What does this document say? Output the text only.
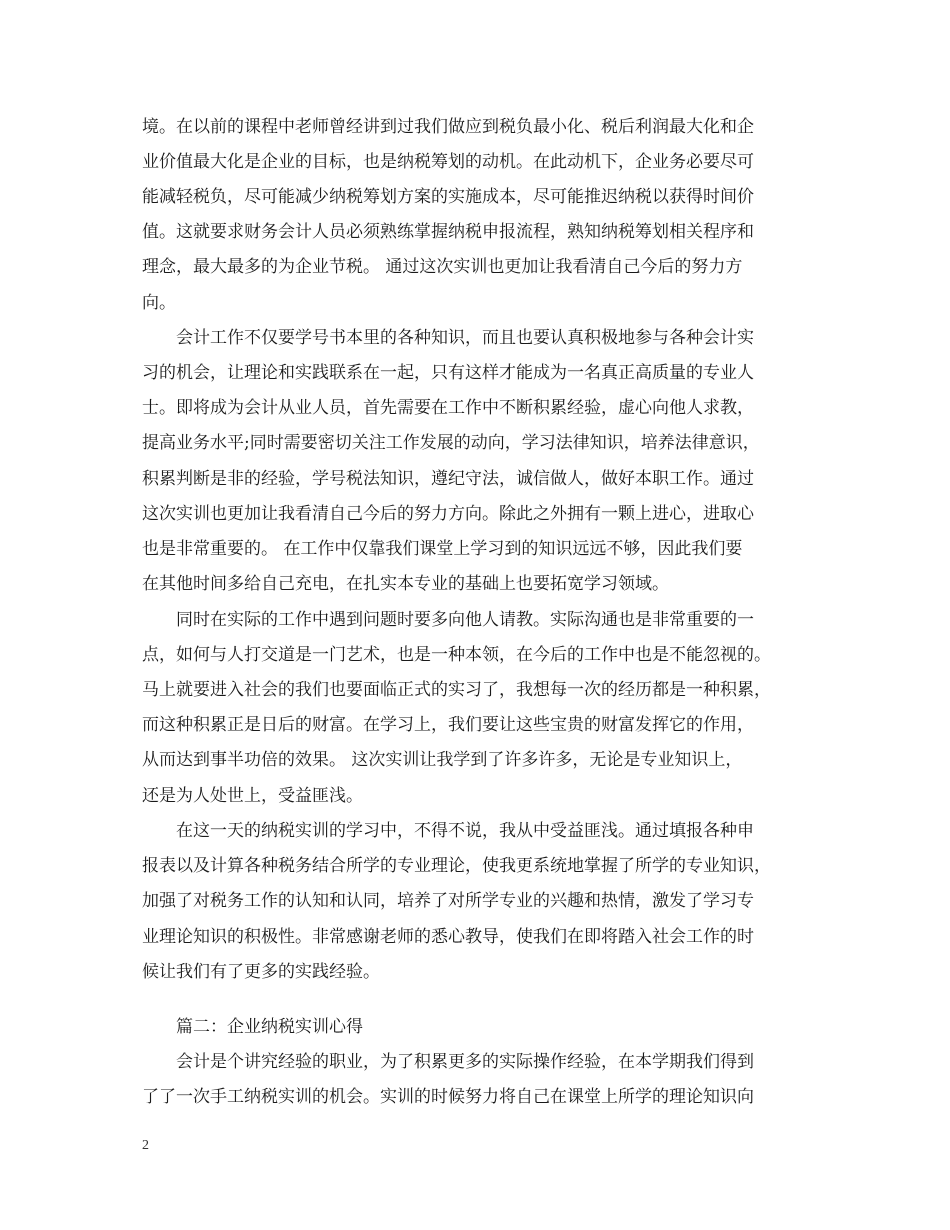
境。在以前的课程中老师曾经讲到过我们做应到税负最小化、税后利润最大化和企
业价值最大化是企业的目标，也是纳税筹划的动机。在此动机下，企业务必要尽可
能减轻税负，尽可能减少纳税筹划方案的实施成本，尽可能推迟纳税以获得时间价
值。这就要求财务会计人员必须熟练掌握纳税申报流程，熟知纳税筹划相关程序和
理念，最大最多的为企业节税。 通过这次实训也更加让我看清自己今后的努力方
向。
会计工作不仅要学号书本里的各种知识，而且也要认真积极地参与各种会计实
习的机会，让理论和实践联系在一起，只有这样才能成为一名真正高质量的专业人
士。即将成为会计从业人员，首先需要在工作中不断积累经验，虚心向他人求教，
提高业务水平;同时需要密切关注工作发展的动向，学习法律知识，培养法律意识，
积累判断是非的经验，学号税法知识，遵纪守法，诚信做人，做好本职工作。通过
这次实训也更加让我看清自己今后的努力方向。除此之外拥有一颗上进心，进取心
也是非常重要的。 在工作中仅靠我们课堂上学习到的知识远远不够，因此我们要
在其他时间多给自己充电，在扎实本专业的基础上也要拓宽学习领域。
同时在实际的工作中遇到问题时要多向他人请教。实际沟通也是非常重要的一
点，如何与人打交道是一门艺术，也是一种本领，在今后的工作中也是不能忽视的。
马上就要进入社会的我们也要面临正式的实习了，我想每一次的经历都是一种积累，
而这种积累正是日后的财富。在学习上，我们要让这些宝贵的财富发挥它的作用，
从而达到事半功倍的效果。 这次实训让我学到了许多许多，无论是专业知识上，
还是为人处世上，受益匪浅。
在这一天的纳税实训的学习中，不得不说，我从中受益匪浅。通过填报各种申
报表以及计算各种税务结合所学的专业理论，使我更系统地掌握了所学的专业知识，
加强了对税务工作的认知和认同，培养了对所学专业的兴趣和热情，激发了学习专
业理论知识的积极性。非常感谢老师的悉心教导，使我们在即将踏入社会工作的时
候让我们有了更多的实践经验。
篇二：企业纳税实训心得
会计是个讲究经验的职业，为了积累更多的实际操作经验，在本学期我们得到
了了一次手工纳税实训的机会。实训的时候努力将自己在课堂上所学的理论知识向
2
